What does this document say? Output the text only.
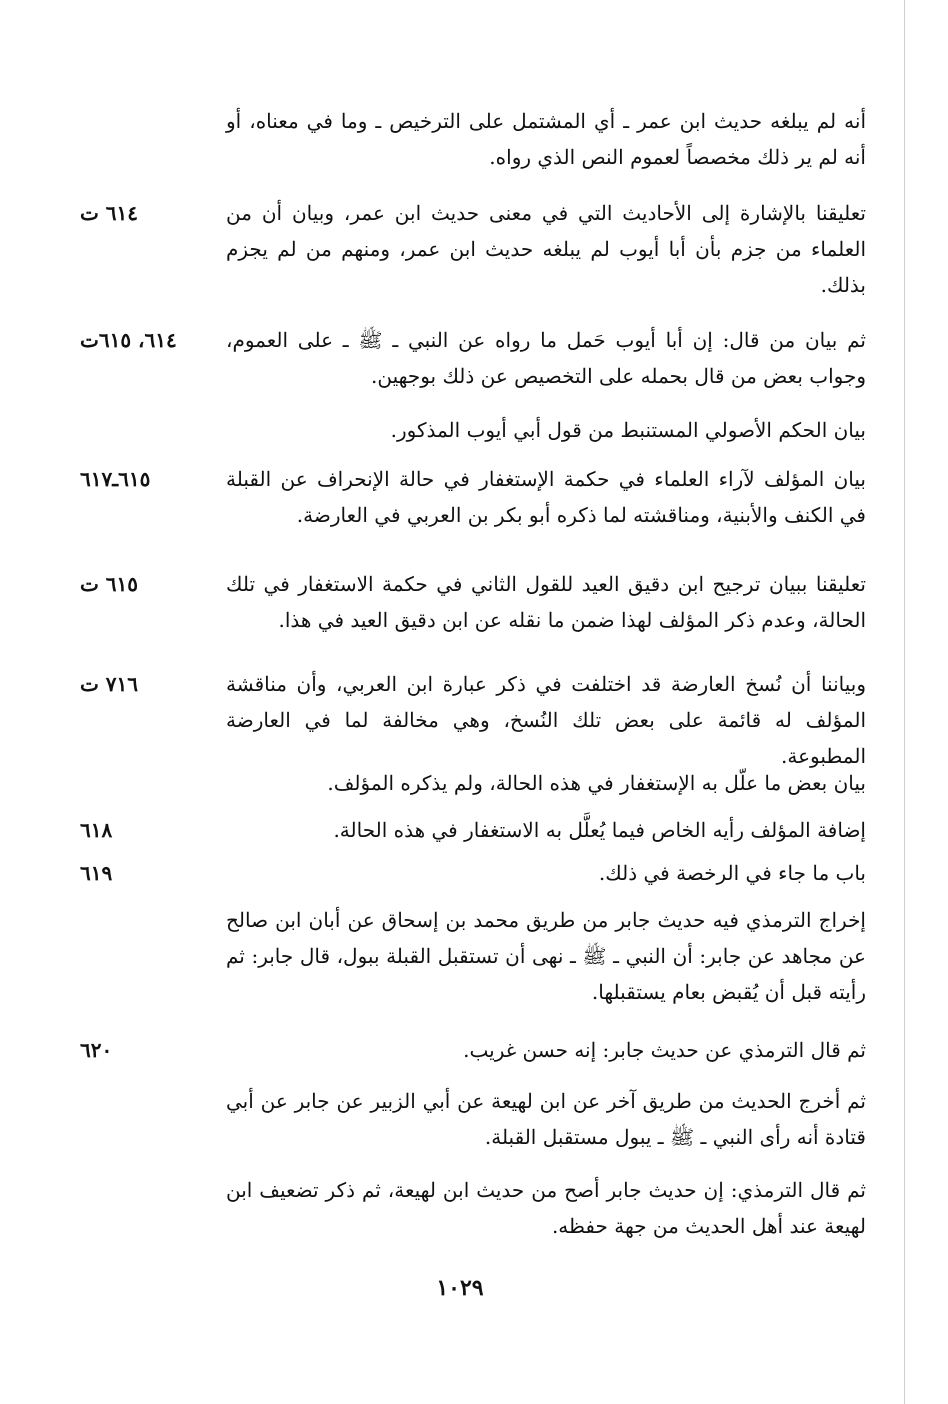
أنه لم يبلغه حديث ابن عمر ـ أي المشتمل على الترخيص ـ وما في معناه، أو أنه لم ير ذلك مخصصاً لعموم النص الذي رواه.
تعليقنا بالإشارة إلى الأحاديث التي في معنى حديث ابن عمر، وبيان أن من العلماء من جزم بأن أبا أيوب لم يبلغه حديث ابن عمر، ومنهم من لم يجزم بذلك.
٦١٤ ت
ثم بيان من قال: إن أبا أيوب حَمل ما رواه عن النبي ـ ﷺ ـ على العموم، وجواب بعض من قال بحمله على التخصيص عن ذلك بوجهين.
٦١٤، ٦١٥ت
بيان الحكم الأصولي المستنبط من قول أبي أيوب المذكور.
بيان المؤلف لآراء العلماء في حكمة الإستغفار في حالة الإنحراف عن القبلة في الكنف والأبنية، ومناقشته لما ذكره أبو بكر بن العربي في العارضة.
٦١٥ـ٦١٧
تعليقنا ببيان ترجيح ابن دقيق العيد للقول الثاني في حكمة الاستغفار في تلك الحالة، وعدم ذكر المؤلف لهذا ضمن ما نقله عن ابن دقيق العيد في هذا.
٦١٥ ت
وبياننا أن نُسخ العارضة قد اختلفت في ذكر عبارة ابن العربي، وأن مناقشة المؤلف له قائمة على بعض تلك النُسخ، وهي مخالفة لما في العارضة المطبوعة.
٧١٦ ت
بيان بعض ما علّل به الإستغفار في هذه الحالة، ولم يذكره المؤلف.
إضافة المؤلف رأيه الخاص فيما يُعلَّل به الاستغفار في هذه الحالة.
٦١٨
باب ما جاء في الرخصة في ذلك.
٦١٩
إخراج الترمذي فيه حديث جابر من طريق محمد بن إسحاق عن أبان ابن صالح عن مجاهد عن جابر: أن النبي ـ ﷺ ـ نهى أن تستقبل القبلة ببول، قال جابر: ثم رأيته قبل أن يُقبض بعام يستقبلها.
ثم قال الترمذي عن حديث جابر: إنه حسن غريب.
٦٢٠
ثم أخرج الحديث من طريق آخر عن ابن لهيعة عن أبي الزبير عن جابر عن أبي قتادة أنه رأى النبي ـ ﷺ ـ يبول مستقبل القبلة.
ثم قال الترمذي: إن حديث جابر أصح من حديث ابن لهيعة، ثم ذكر تضعيف ابن لهيعة عند أهل الحديث من جهة حفظه.
١٠٢٩
